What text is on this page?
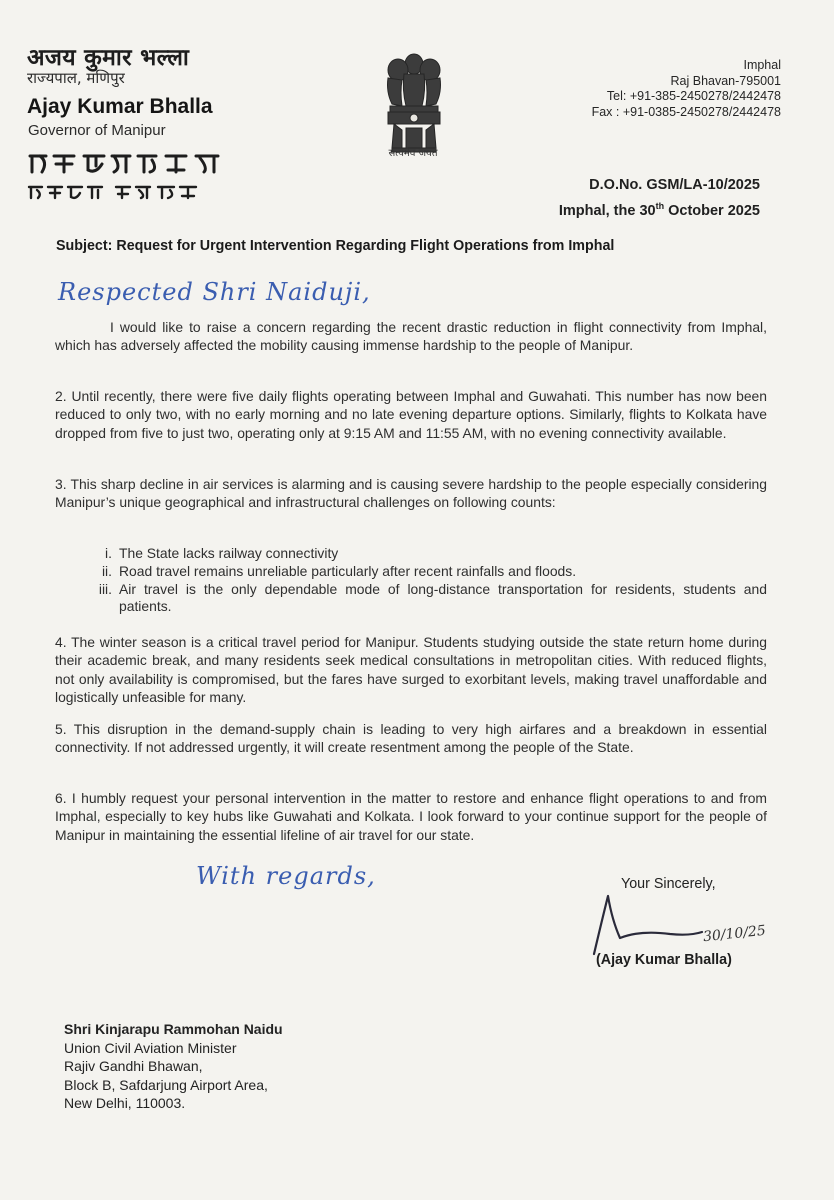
अजय कुमार भल्ला
राज्यपाल, मणिपुर
Ajay Kumar Bhalla
Governor of Manipur
सत्यमेव जयते
Imphal
Raj Bhavan-795001
Tel: +91-385-2450278/2442478
Fax : +91-0385-2450278/2442478
D.O.No. GSM/LA-10/2025
Imphal, the 30th October 2025
Subject: Request for Urgent Intervention Regarding Flight Operations from Imphal
Respected Shri Naiduji,
I would like to raise a concern regarding the recent drastic reduction in flight connectivity from Imphal, which has adversely affected the mobility causing immense hardship to the people of Manipur.
2. Until recently, there were five daily flights operating between Imphal and Guwahati. This number has now been reduced to only two, with no early morning and no late evening departure options. Similarly, flights to Kolkata have dropped from five to just two, operating only at 9:15 AM and 11:55 AM, with no evening connectivity available.
3. This sharp decline in air services is alarming and is causing severe hardship to the people especially considering Manipur’s unique geographical and infrastructural challenges on following counts:
i. The State lacks railway connectivity
ii. Road travel remains unreliable particularly after recent rainfalls and floods.
iii. Air travel is the only dependable mode of long-distance transportation for residents, students and patients.
4. The winter season is a critical travel period for Manipur. Students studying outside the state return home during their academic break, and many residents seek medical consultations in metropolitan cities. With reduced flights, not only availability is compromised, but the fares have surged to exorbitant levels, making travel unaffordable and logistically unfeasible for many.
5. This disruption in the demand-supply chain is leading to very high airfares and a breakdown in essential connectivity. If not addressed urgently, it will create resentment among the people of the State.
6. I humbly request your personal intervention in the matter to restore and enhance flight operations to and from Imphal, especially to key hubs like Guwahati and Kolkata. I look forward to your continue support for the people of Manipur in maintaining the essential lifeline of air travel for our state.
With regards,	Your Sincerely,
30/10/25
(Ajay Kumar Bhalla)
Shri Kinjarapu Rammohan Naidu
Union Civil Aviation Minister
Rajiv Gandhi Bhawan,
Block B, Safdarjung Airport Area,
New Delhi, 110003.
